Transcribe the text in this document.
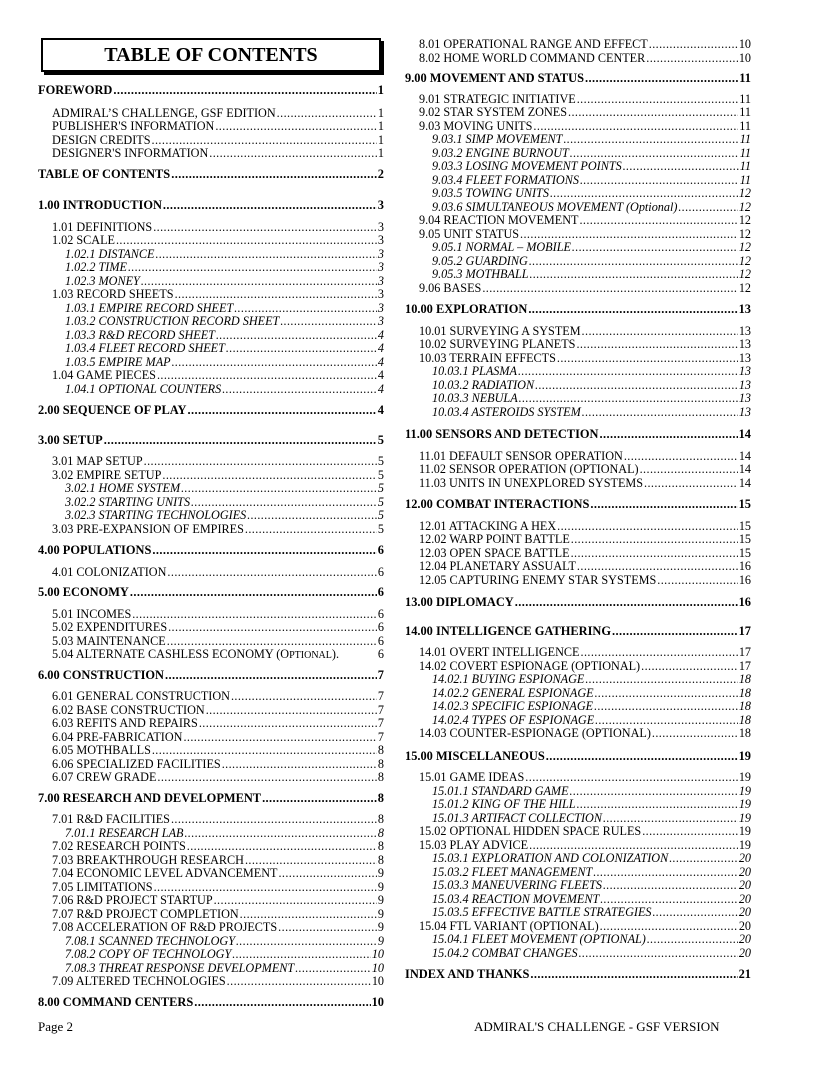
TABLE OF CONTENTS
FOREWORD .....	1
ADMIRAL’S CHALLENGE, GSF EDITION .....	1
PUBLISHER'S INFORMATION .....	1
DESIGN CREDITS .....	1
DESIGNER'S INFORMATION .....	1
TABLE OF CONTENTS .....	2
1.00 INTRODUCTION .....	3
1.01 DEFINITIONS .....	3
1.02 SCALE .....	3
1.02.1 DISTANCE .....	3
1.02.2 TIME .....	3
1.02.3 MONEY .....	3
1.03 RECORD SHEETS .....	3
1.03.1 EMPIRE RECORD SHEET .....	3
1.03.2 CONSTRUCTION RECORD SHEET .....	3
1.03.3 R&D RECORD SHEET .....	4
1.03.4 FLEET RECORD SHEET .....	4
1.03.5 EMPIRE MAP .....	4
1.04 GAME PIECES .....	4
1.04.1 OPTIONAL COUNTERS .....	4
2.00 SEQUENCE OF PLAY .....	4
3.00 SETUP .....	5
3.01 MAP SETUP .....	5
3.02 EMPIRE SETUP .....	5
3.02.1 HOME SYSTEM .....	5
3.02.2 STARTING UNITS .....	5
3.02.3 STARTING TECHNOLOGIES .....	5
3.03 PRE-EXPANSION OF EMPIRES .....	5
4.00 POPULATIONS .....	6
4.01 COLONIZATION .....	6
5.00 ECONOMY .....	6
5.01 INCOMES .....	6
5.02 EXPENDITURES .....	6
5.03 MAINTENANCE .....	6
5.04 ALTERNATE CASHLESS ECONOMY (O PTIONAL ).	6
6.00 CONSTRUCTION .....	7
6.01 GENERAL CONSTRUCTION .....	7
6.02 BASE CONSTRUCTION .....	7
6.03 REFITS AND REPAIRS .....	7
6.04 PRE-FABRICATION .....	7
6.05 MOTHBALLS .....	8
6.06 SPECIALIZED FACILITIES .....	8
6.07 CREW GRADE .....	8
7.00 RESEARCH AND DEVELOPMENT .....	8
7.01 R&D FACILITIES .....	8
7.01.1 RESEARCH LAB .....	8
7.02 RESEARCH POINTS .....	8
7.03 BREAKTHROUGH RESEARCH .....	8
7.04 ECONOMIC LEVEL ADVANCEMENT .....	9
7.05 LIMITATIONS .....	9
7.06 R&D PROJECT STARTUP .....	9
7.07 R&D PROJECT COMPLETION .....	9
7.08 ACCELERATION OF R&D PROJECTS .....	9
7.08.1 SCANNED TECHNOLOGY .....	9
7.08.2 COPY OF TECHNOLOGY .....	10
7.08.3 THREAT RESPONSE DEVELOPMENT .....	10
7.09 ALTERED TECHNOLOGIES .....	10
8.00 COMMAND CENTERS .....	10
8.01 OPERATIONAL RANGE AND EFFECT .....	10
8.02 HOME WORLD COMMAND CENTER .....	10
9.00 MOVEMENT AND STATUS .....	11
9.01 STRATEGIC INITIATIVE .....	11
9.02 STAR SYSTEM ZONES .....	11
9.03 MOVING UNITS .....	11
9.03.1 SIMP MOVEMENT .....	11
9.03.2 ENGINE BURNOUT .....	11
9.03.3 LOSING MOVEMENT POINTS .....	11
9.03.4 FLEET FORMATIONS .....	11
9.03.5 TOWING UNITS .....	12
9.03.6 SIMULTANEOUS MOVEMENT (Optional) .....	12
9.04 REACTION MOVEMENT .....	12
9.05 UNIT STATUS .....	12
9.05.1 NORMAL – MOBILE .....	12
9.05.2 GUARDING .....	12
9.05.3 MOTHBALL .....	12
9.06 BASES .....	12
10.00 EXPLORATION .....	13
10.01 SURVEYING A SYSTEM .....	13
10.02 SURVEYING PLANETS .....	13
10.03 TERRAIN EFFECTS .....	13
10.03.1 PLASMA .....	13
10.03.2 RADIATION .....	13
10.03.3 NEBULA .....	13
10.03.4 ASTEROIDS SYSTEM .....	13
11.00 SENSORS AND DETECTION .....	14
11.01 DEFAULT SENSOR OPERATION .....	14
11.02 SENSOR OPERATION (OPTIONAL) .....	14
11.03 UNITS IN UNEXPLORED SYSTEMS .....	14
12.00 COMBAT INTERACTIONS .....	15
12.01 ATTACKING A HEX .....	15
12.02 WARP POINT BATTLE .....	15
12.03 OPEN SPACE BATTLE .....	15
12.04 PLANETARY ASSUALT .....	16
12.05 CAPTURING ENEMY STAR SYSTEMS .....	16
13.00 DIPLOMACY .....	16
14.00 INTELLIGENCE GATHERING .....	17
14.01 OVERT INTELLIGENCE .....	17
14.02 COVERT ESPIONAGE (OPTIONAL) .....	17
14.02.1 BUYING ESPIONAGE .....	18
14.02.2 GENERAL ESPIONAGE .....	18
14.02.3 SPECIFIC ESPIONAGE .....	18
14.02.4 TYPES OF ESPIONAGE .....	18
14.03 COUNTER-ESPIONAGE (OPTIONAL) .....	18
15.00 MISCELLANEOUS .....	19
15.01 GAME IDEAS .....	19
15.01.1 STANDARD GAME .....	19
15.01.2 KING OF THE HILL .....	19
15.01.3 ARTIFACT COLLECTION .....	19
15.02 OPTIONAL HIDDEN SPACE RULES .....	19
15.03 PLAY ADVICE .....	19
15.03.1 EXPLORATION AND COLONIZATION .....	20
15.03.2 FLEET MANAGEMENT .....	20
15.03.3 MANEUVERING FLEETS .....	20
15.03.4 REACTION MOVEMENT .....	20
15.03.5 EFFECTIVE BATTLE STRATEGIES .....	20
15.04 FTL VARIANT (OPTIONAL) .....	20
15.04.1 FLEET MOVEMENT (OPTIONAL) .....	20
15.04.2 COMBAT CHANGES .....	20
INDEX AND THANKS .....	21
Page 2	ADMIRAL'S CHALLENGE - GSF VERSION
